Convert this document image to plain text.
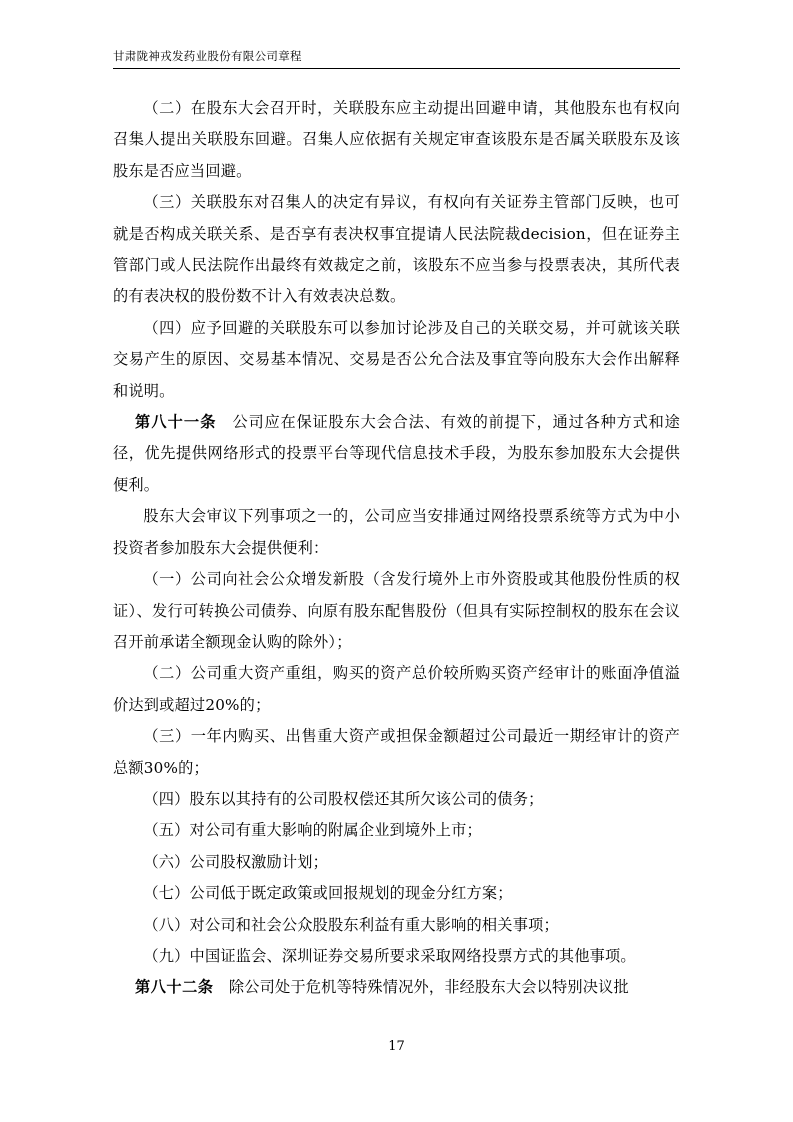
甘肃陇神戎发药业股份有限公司章程

（二）在股东大会召开时，关联股东应主动提出回避申请，其他股东也有权向召集人提出关联股东回避。召集人应依据有关规定审查该股东是否属关联股东及该股东是否应当回避。

（三）关联股东对召集人的决定有异议，有权向有关证券主管部门反映，也可就是否构成关联关系、是否享有表决权事宜提请人民法院裁decision，但在证券主管部门或人民法院作出最终有效裁定之前，该股东不应当参与投票表决，其所代表的有表决权的股份数不计入有效表决总数。

（四）应予回避的关联股东可以参加讨论涉及自己的关联交易，并可就该关联交易产生的原因、交易基本情况、交易是否公允合法及事宜等向股东大会作出解释和说明。

第八十一条　公司应在保证股东大会合法、有效的前提下，通过各种方式和途径，优先提供网络形式的投票平台等现代信息技术手段，为股东参加股东大会提供便利。

股东大会审议下列事项之一的，公司应当安排通过网络投票系统等方式为中小投资者参加股东大会提供便利：

（一）公司向社会公众增发新股（含发行境外上市外资股或其他股份性质的权证）、发行可转换公司债券、向原有股东配售股份（但具有实际控制权的股东在会议召开前承诺全额现金认购的除外）；

（二）公司重大资产重组，购买的资产总价较所购买资产经审计的账面净值溢价达到或超过20%的；

（三）一年内购买、出售重大资产或担保金额超过公司最近一期经审计的资产总额30%的；

（四）股东以其持有的公司股权偿还其所欠该公司的债务；

（五）对公司有重大影响的附属企业到境外上市；

（六）公司股权激励计划；

（七）公司低于既定政策或回报规划的现金分红方案；

（八）对公司和社会公众股股东利益有重大影响的相关事项；

（九）中国证监会、深圳证券交易所要求采取网络投票方式的其他事项。

第八十二条　除公司处于危机等特殊情况外，非经股东大会以特别决议批

17
